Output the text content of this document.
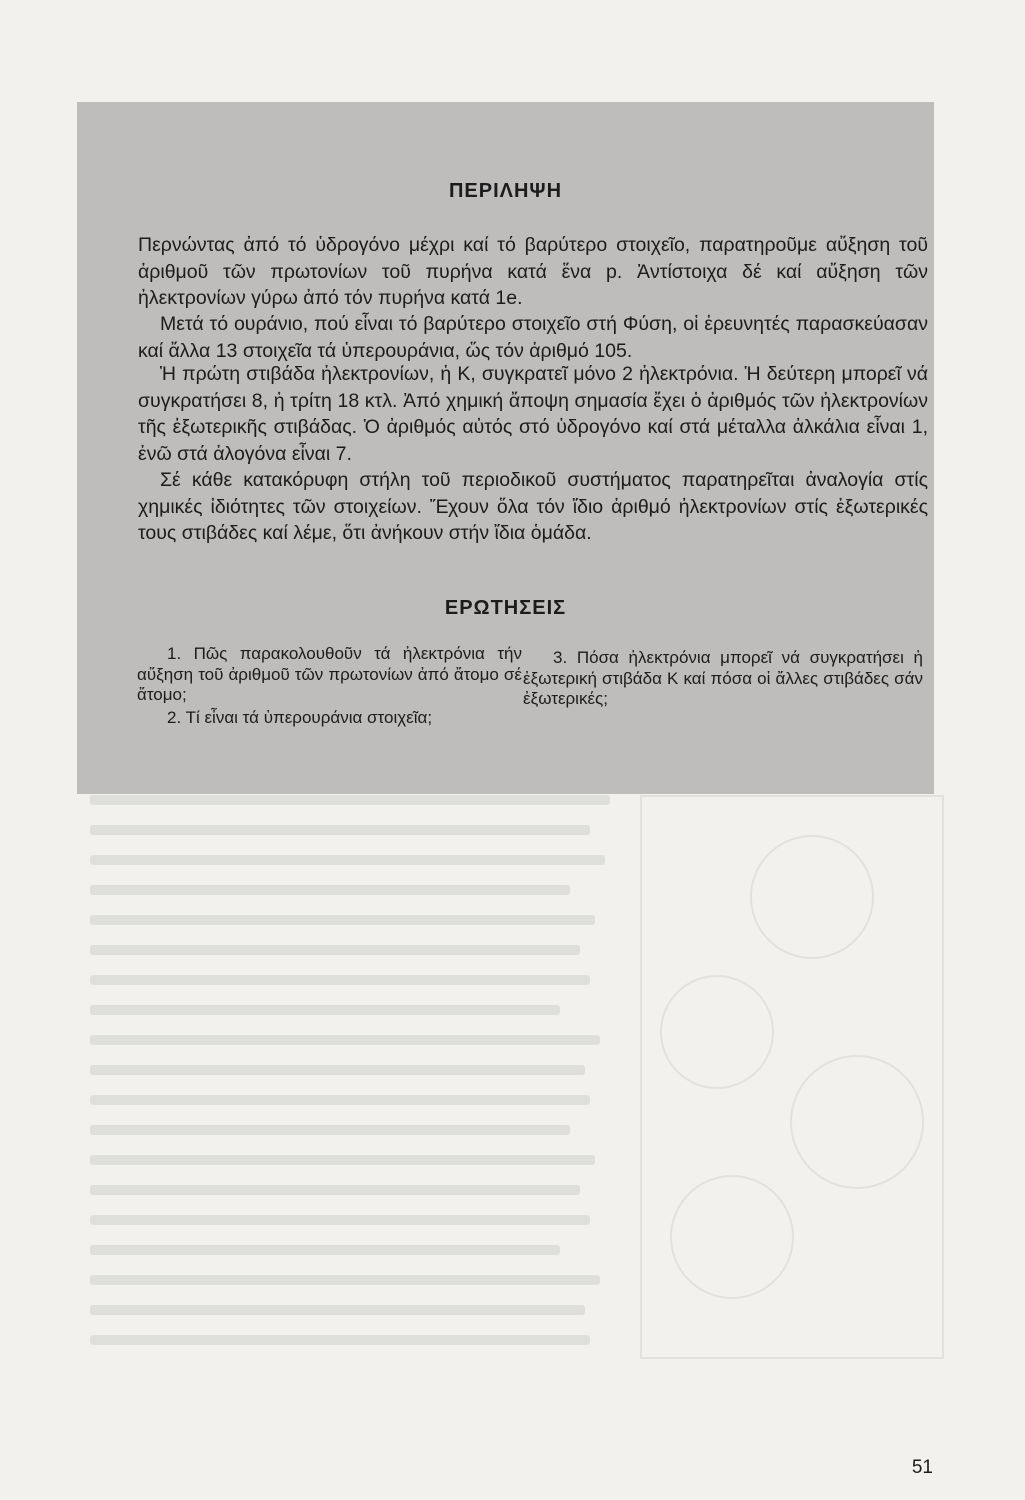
ΠΕΡΙΛΗΨΗ

Περνώντας ἀπό τό ὑδρογόνο μέχρι καί τό βαρύτερο στοιχεῖο, παρατηροῦμε αὔξηση τοῦ ἀριθμοῦ τῶν πρωτονίων τοῦ πυρήνα κατά ἕνα p. Ἀντίστοιχα δέ καί αὔξηση τῶν ἠλεκτρονίων γύρω ἀπό τόν πυρήνα κατά 1e.

Μετά τό ουράνιο, πού εἶναι τό βαρύτερο στοιχεῖο στή Φύση, οἱ ἐρευνητές παρασκεύασαν καί ἄλλα 13 στοιχεῖα τά ὑπερουράνια, ὥς τόν ἀριθμό 105.

Ἡ πρώτη στιβάδα ἠλεκτρονίων, ἡ Κ, συγκρατεῖ μόνο 2 ἠλεκτρόνια. Ἡ δεύτερη μπορεῖ νά συγκρατήσει 8, ἡ τρίτη 18 κτλ. Ἀπό χημική ἄποψη σημασία ἔχει ὁ ἀριθμός τῶν ἠλεκτρονίων τῆς ἐξωτερικῆς στιβάδας. Ὁ ἀριθμός αὐτός στό ὑδρογόνο καί στά μέταλλα ἀλκάλια εἶναι 1, ἐνῶ στά ἀλογόνα εἶναι 7.

Σέ κάθε κατακόρυφη στήλη τοῦ περιοδικοῦ συστήματος παρατηρεῖται ἀναλογία στίς χημικές ἰδιότητες τῶν στοιχείων. Ἔχουν ὅλα τόν ἴδιο ἀριθμό ἠλεκτρονίων στίς ἐξωτερικές τους στιβάδες καί λέμε, ὅτι ἀνήκουν στήν ἴδια ὁμάδα.

ΕΡΩΤΗΣΕΙΣ

1. Πῶς παρακολουθοῦν τά ἠλεκτρόνια τήν αὔξηση τοῦ ἀριθμοῦ τῶν πρωτονίων ἀπό ἄτομο σέ ἄτομο;

2. Τί εἶναι τά ὑπερουράνια στοιχεῖα;

3. Πόσα ἠλεκτρόνια μπορεῖ νά συγκρατήσει ἡ ἐξωτερική στιβάδα Κ καί πόσα οἱ ἄλλες στιβάδες σάν ἐξωτερικές;

51
